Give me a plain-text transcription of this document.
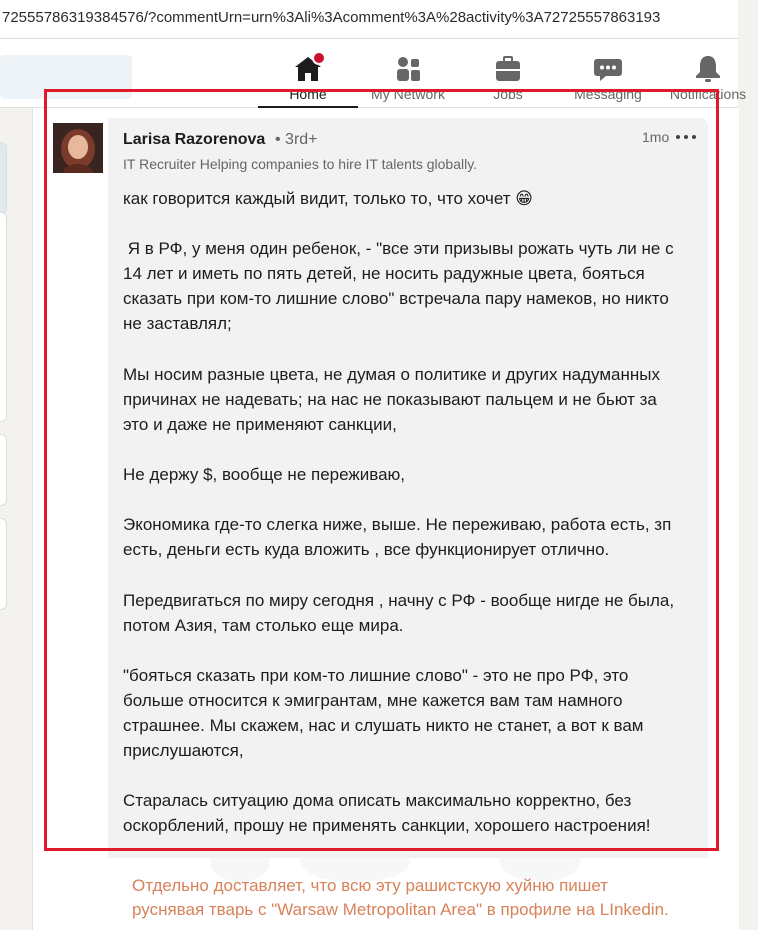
72555786319384576/?commentUrn=urn%3Ali%3Acomment%3A%28activity%3A72725557863193
Home	My Network	Jobs	Messaging	Notifications
Larisa Razorenova • 3rd+
IT Recruiter Helping companies to hire IT talents globally.
1mo
как говорится каждый видит, только то, что хочет 😁

Я в РФ, у меня один ребенок, - "все эти призывы рожать чуть ли не с
14 лет и иметь по пять детей, не носить радужные цвета, бояться
сказать при ком-то лишние слово" встречала пару намеков, но никто
не заставлял;

Мы носим разные цвета, не думая о политике и других надуманных
причинах не надевать; на нас не показывают пальцем и не бьют за
это и даже не применяют санкции,

Не держу $, вообще не переживаю,

Экономика где-то слегка ниже, выше. Не переживаю, работа есть, зп
есть, деньги есть куда вложить , все функционирует отлично.

Передвигаться по миру сегодня , начну с РФ - вообще нигде не была,
потом Азия, там столько еще мира.

"бояться сказать при ком-то лишние слово" - это не про РФ, это
больше относится к эмигрантам, мне кажется вам там намного
страшнее. Мы скажем, нас и слушать никто не станет, а вот к вам
прислушаются,

Старалась ситуацию дома описать максимально корректно, без
оскорблений, прошу не применять санкции, хорошего настроения!
Отдельно доставляет, что всю эту рашистскую хуйню пишет
руснявая тварь с "Warsaw Metropolitan Area" в профиле на LInkedin.
